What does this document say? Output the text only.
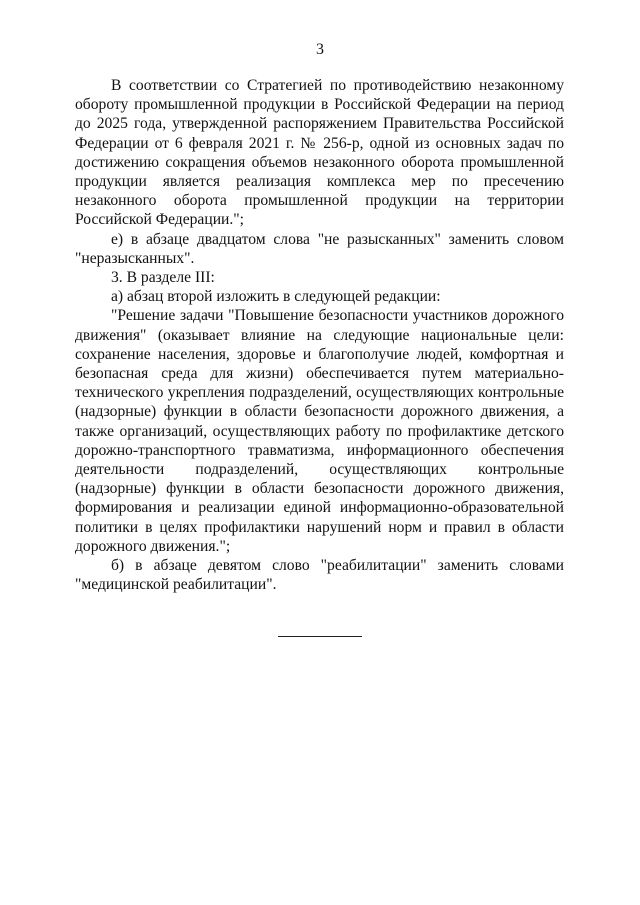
3

В соответствии со Стратегией по противодействию незаконному обороту промышленной продукции в Российской Федерации на период до 2025 года, утвержденной распоряжением Правительства Российской Федерации от 6 февраля 2021 г. № 256-р, одной из основных задач по достижению сокращения объемов незаконного оборота промышленной продукции является реализация комплекса мер по пресечению незаконного оборота промышленной продукции на территории Российской Федерации.";

е) в абзаце двадцатом слова "не разысканных" заменить словом "неразысканных".

3. В разделе III:

а) абзац второй изложить в следующей редакции:

"Решение задачи "Повышение безопасности участников дорожного движения" (оказывает влияние на следующие национальные цели: сохранение населения, здоровье и благополучие людей, комфортная и безопасная среда для жизни) обеспечивается путем материально-технического укрепления подразделений, осуществляющих контрольные (надзорные) функции в области безопасности дорожного движения, а также организаций, осуществляющих работу по профилактике детского дорожно-транспортного травматизма, информационного обеспечения деятельности подразделений, осуществляющих контрольные (надзорные) функции в области безопасности дорожного движения, формирования и реализации единой информационно-образовательной политики в целях профилактики нарушений норм и правил в области дорожного движения.";

б) в абзаце девятом слово "реабилитации" заменить словами "медицинской реабилитации".
